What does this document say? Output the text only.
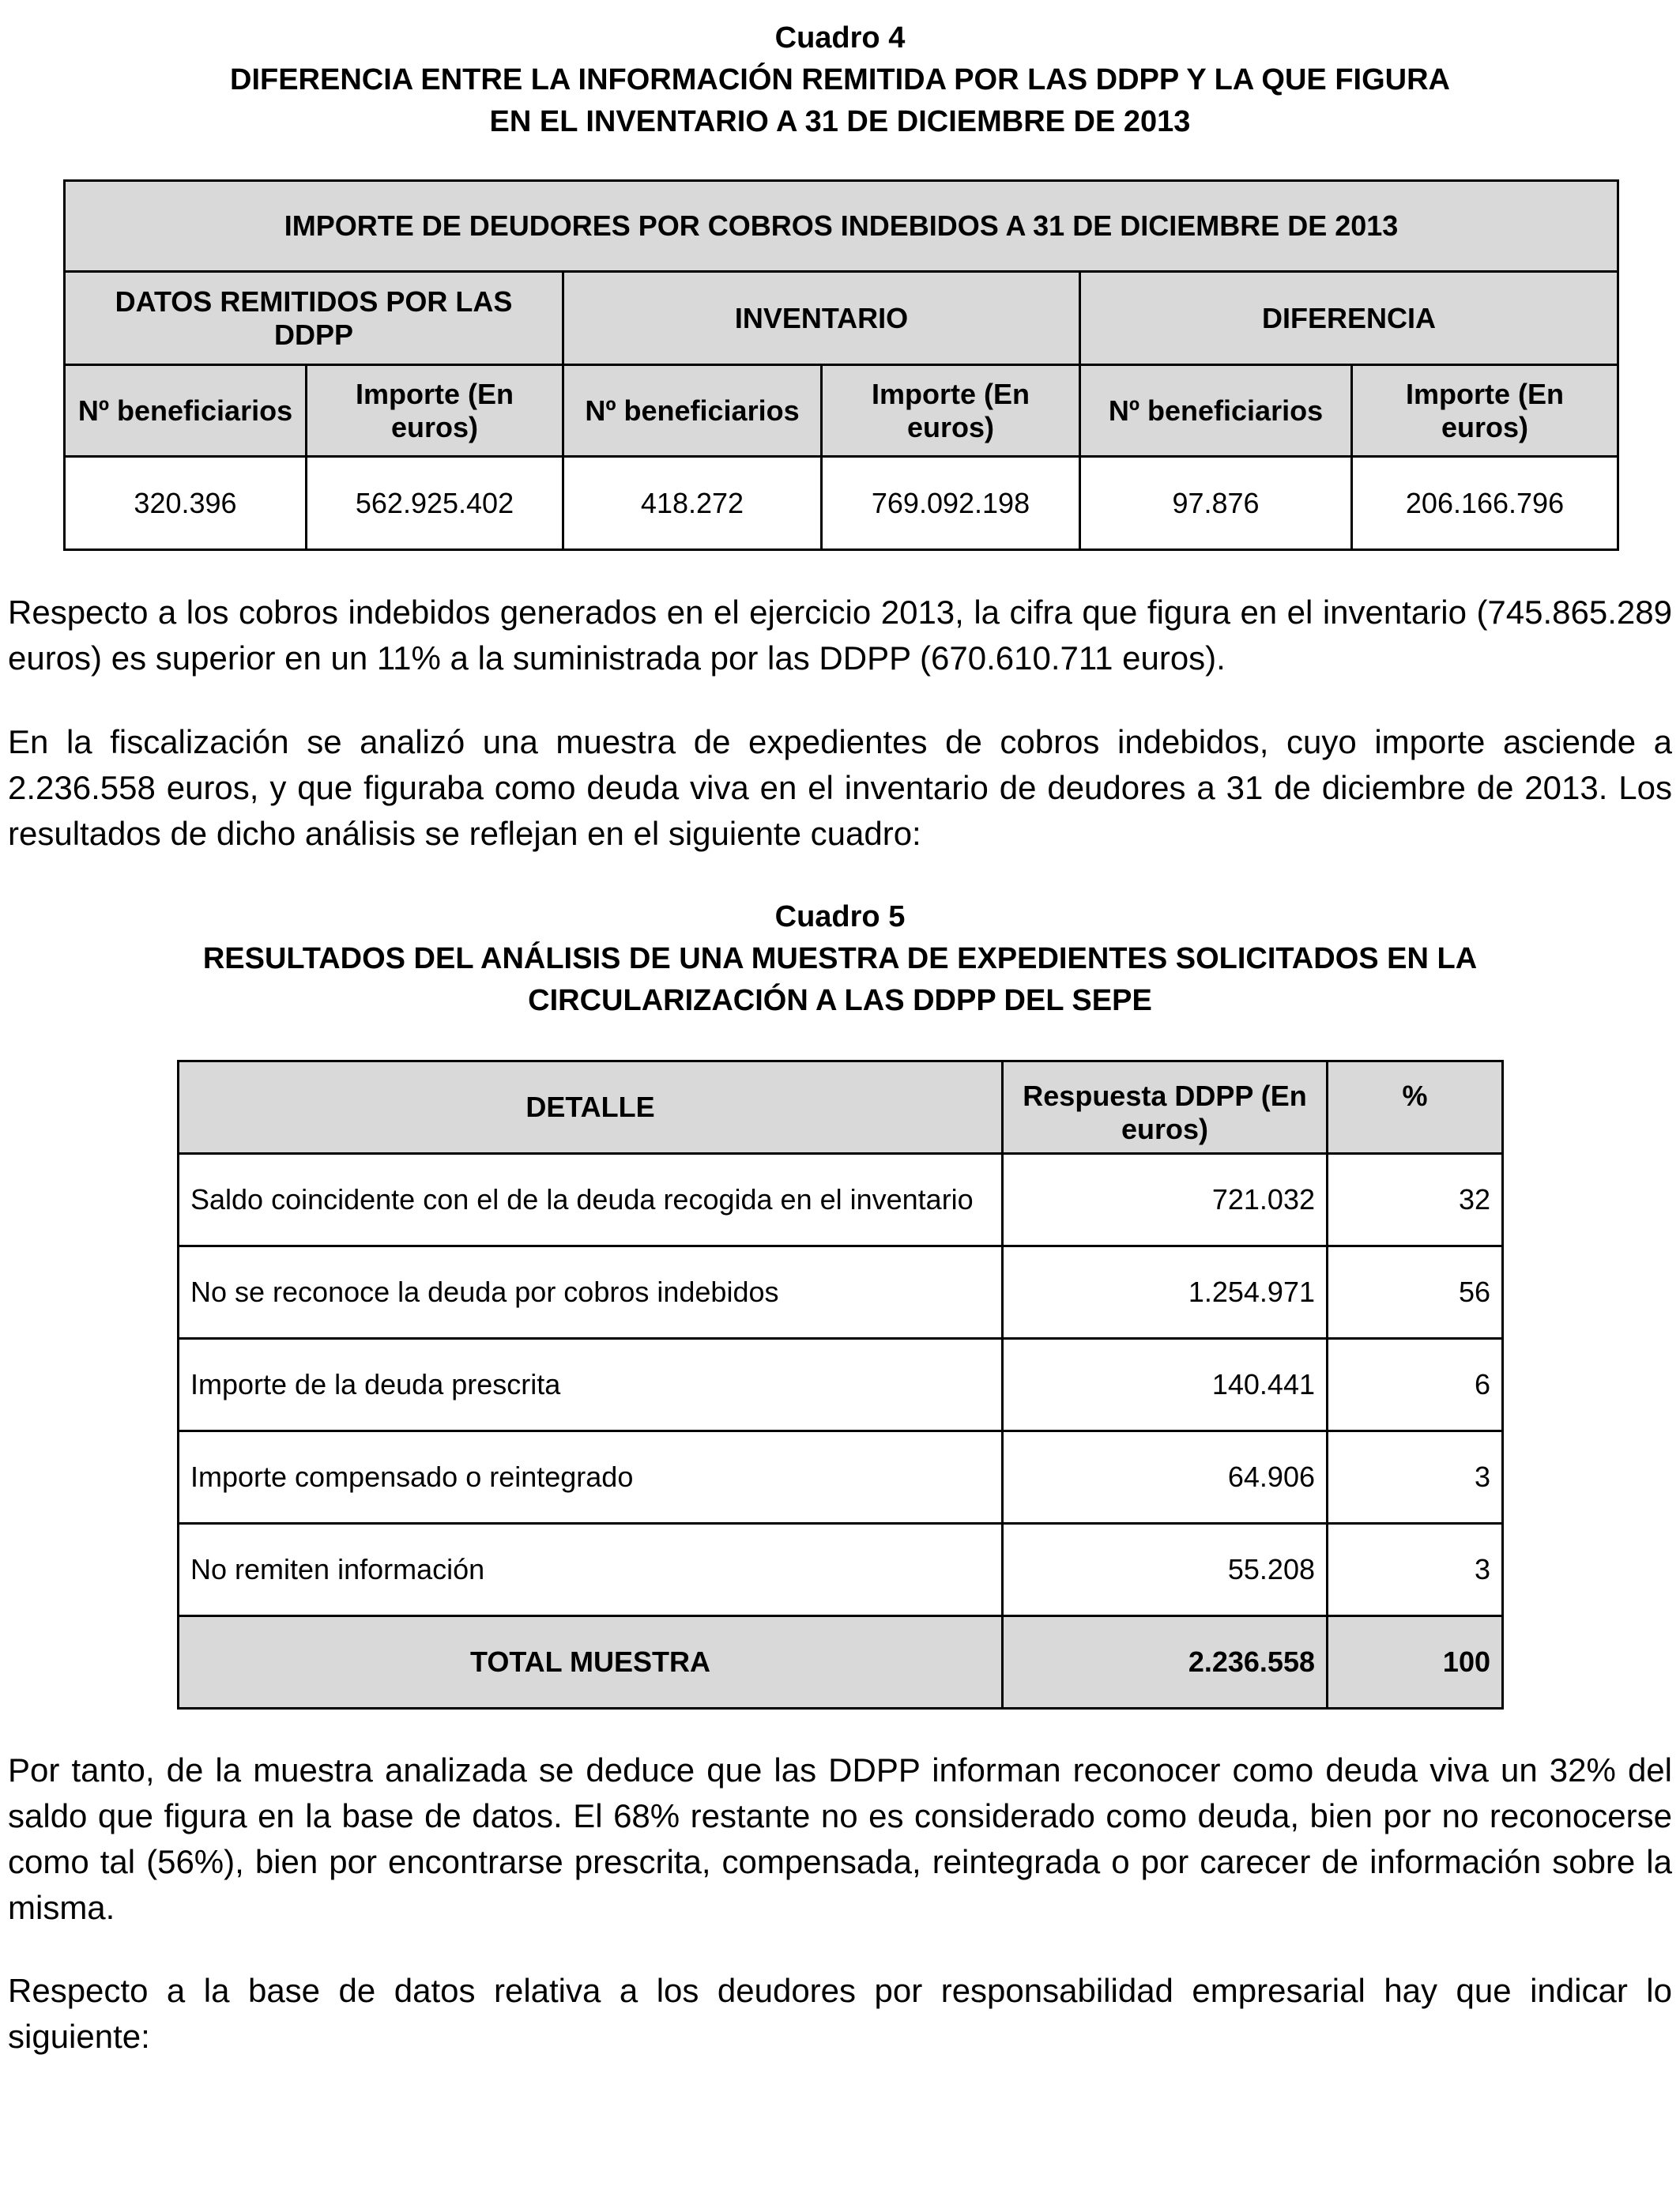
Cuadro 4
DIFERENCIA ENTRE LA INFORMACIÓN REMITIDA POR LAS DDPP Y LA QUE FIGURA
EN EL INVENTARIO A 31 DE DICIEMBRE DE 2013
IMPORTE DE DEUDORES POR COBROS INDEBIDOS A 31 DE DICIEMBRE DE 2013					
DATOS REMITIDOS POR LAS DDPP		INVENTARIO		DIFERENCIA	
Nº beneficiarios	Importe (En euros)	Nº beneficiarios	Importe (En euros)	Nº beneficiarios	Importe (En euros)
320.396	562.925.402	418.272	769.092.198	97.876	206.166.796
Respecto a los cobros indebidos generados en el ejercicio 2013, la cifra que figura en el inventario (745.865.289 euros) es superior en un 11% a la suministrada por las DDPP (670.610.711 euros).
En la fiscalización se analizó una muestra de expedientes de cobros indebidos, cuyo importe asciende a 2.236.558 euros, y que figuraba como deuda viva en el inventario de deudores a 31 de diciembre de 2013. Los resultados de dicho análisis se reflejan en el siguiente cuadro:
Cuadro 5
RESULTADOS DEL ANÁLISIS DE UNA MUESTRA DE EXPEDIENTES SOLICITADOS EN LA
CIRCULARIZACIÓN A LAS DDPP DEL SEPE
DETALLE	Respuesta DDPP (En euros)	%
Saldo coincidente con el de la deuda recogida en el inventario	721.032	32
No se reconoce la deuda por cobros indebidos	1.254.971	56
Importe de la deuda prescrita	140.441	6
Importe compensado o reintegrado	64.906	3
No remiten información	55.208	3
TOTAL MUESTRA	2.236.558	100
Por tanto, de la muestra analizada se deduce que las DDPP informan reconocer como deuda viva un 32% del saldo que figura en la base de datos. El 68% restante no es considerado como deuda, bien por no reconocerse como tal (56%), bien por encontrarse prescrita, compensada, reintegrada o por carecer de información sobre la misma.
Respecto a la base de datos relativa a los deudores por responsabilidad empresarial hay que indicar lo siguiente:
